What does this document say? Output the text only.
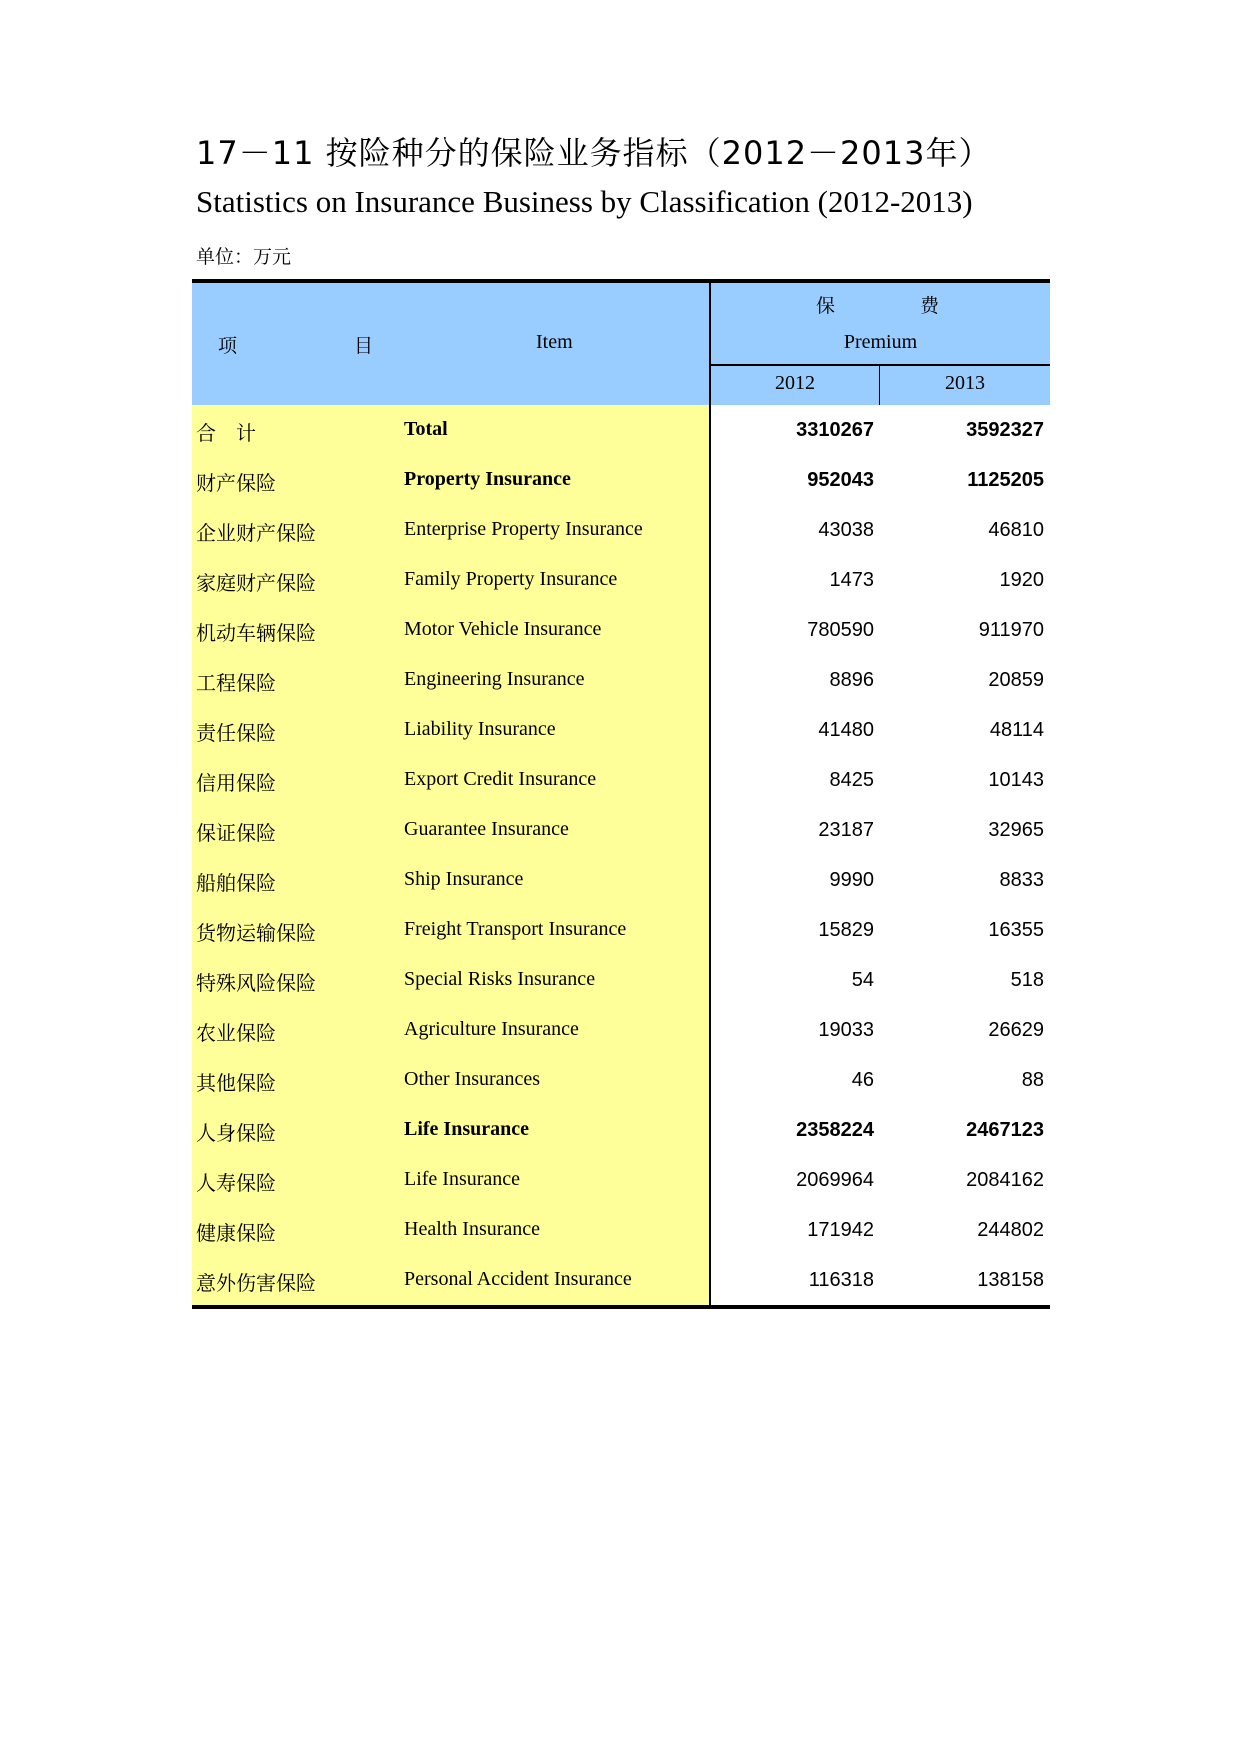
17－11 按险种分的保险业务指标（2012－2013年）
Statistics on Insurance Business by Classification (2012-2013)
单位：万元
项	目	Item
保	费
Premium
2012	2013
合　计	Total	3310267	3592327
财产保险	Property Insurance	952043	1125205
企业财产保险	Enterprise Property Insurance	43038	46810
家庭财产保险	Family Property Insurance	1473	1920
机动车辆保险	Motor Vehicle Insurance	780590	911970
工程保险	Engineering Insurance	8896	20859
责任保险	Liability Insurance	41480	48114
信用保险	Export Credit Insurance	8425	10143
保证保险	Guarantee Insurance	23187	32965
船舶保险	Ship Insurance	9990	8833
货物运输保险	Freight Transport Insurance	15829	16355
特殊风险保险	Special Risks Insurance	54	518
农业保险	Agriculture Insurance	19033	26629
其他保险	Other Insurances	46	88
人身保险	Life Insurance	2358224	2467123
人寿保险	Life Insurance	2069964	2084162
健康保险	Health Insurance	171942	244802
意外伤害保险	Personal Accident Insurance	116318	138158
